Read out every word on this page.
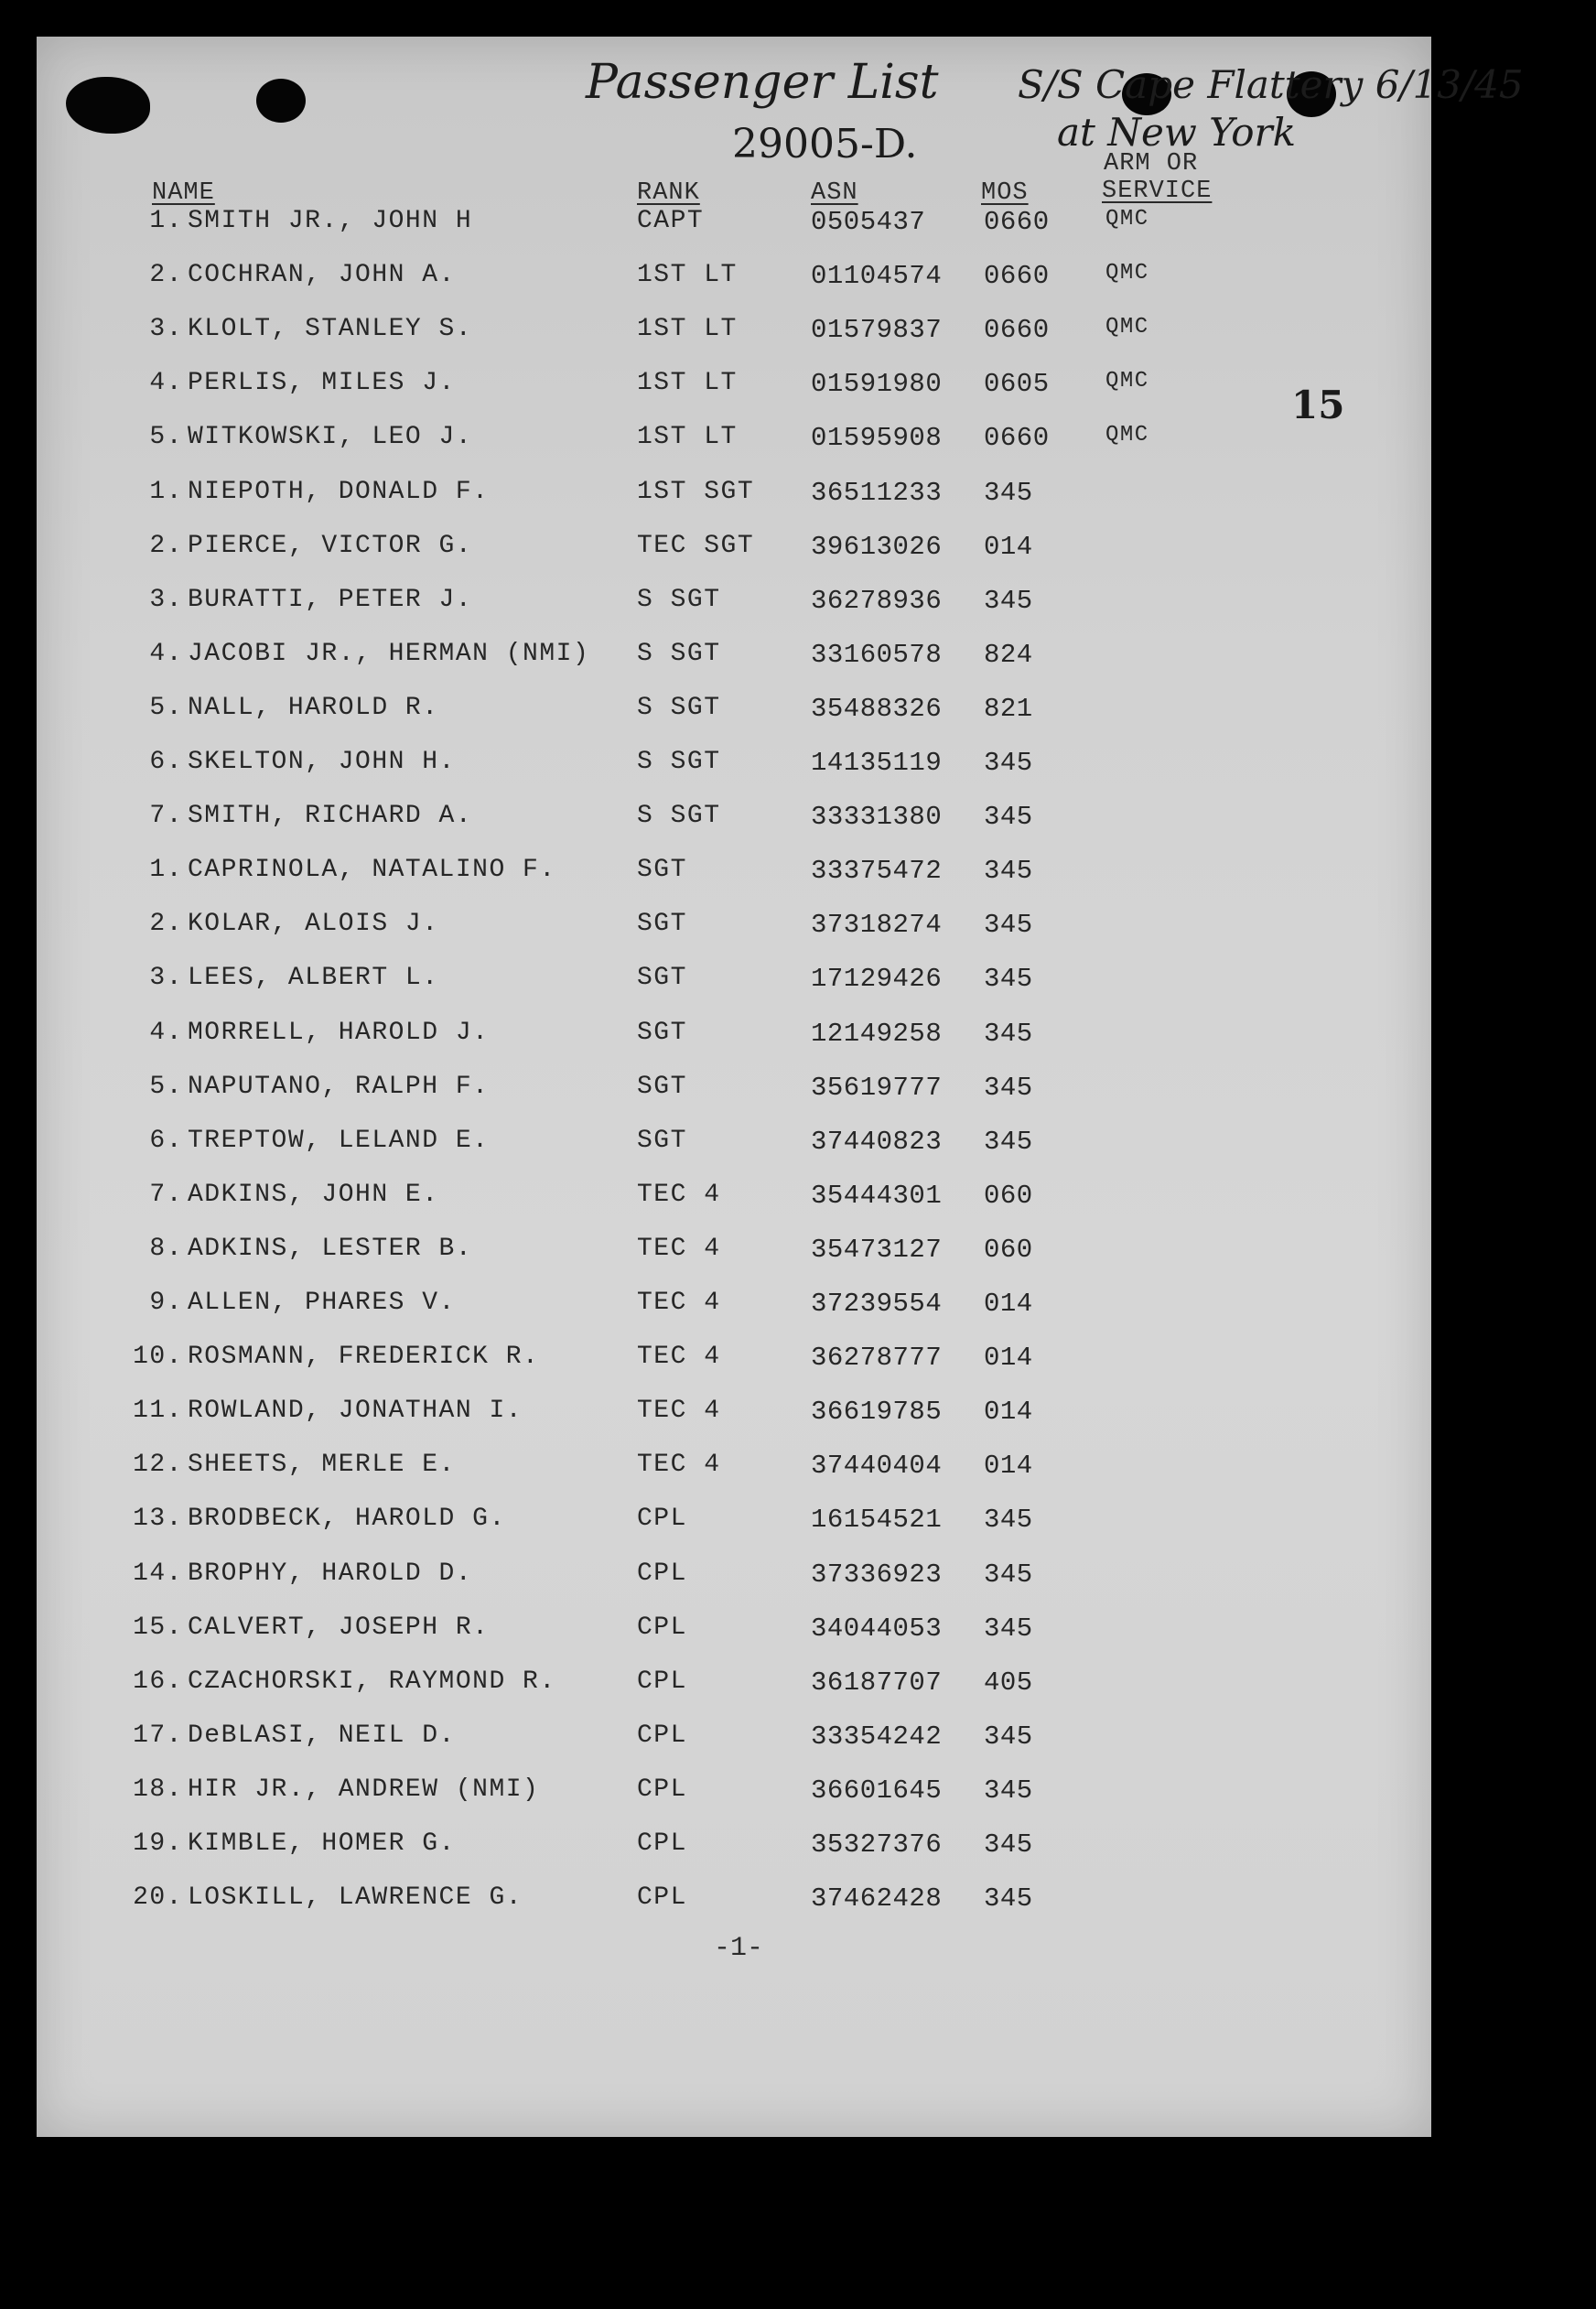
Passenger List S/S Cape Flattery 6/13/45
at New York
29005-D.
NAME	RANK	ASN	MOS
ARM OR
SERVICE
15
1. SMITH JR., JOHN H	CAPT	0505437 0660	QMC
2. COCHRAN, JOHN A.	1ST LT	01104574 0660	QMC
3. KLOLT, STANLEY S.	1ST LT	01579837 0660	QMC
4. PERLIS, MILES J.	1ST LT	01591980 0605	QMC
5. WITKOWSKI, LEO J.	1ST LT	01595908 0660	QMC
1. NIEPOTH, DONALD F.	1ST SGT 36511233 345
2. PIERCE, VICTOR G.	TEC SGT 39613026 014
3. BURATTI, PETER J.	S SGT	36278936 345
4. JACOBI JR., HERMAN (NMI) S SGT	33160578 824
5. NALL, HAROLD R.	S SGT	35488326 821
6. SKELTON, JOHN H.	S SGT	14135119 345
7. SMITH, RICHARD A.	S SGT	33331380 345
1. CAPRINOLA, NATALINO F.	SGT	33375472 345
2. KOLAR, ALOIS J.	SGT	37318274 345
3. LEES, ALBERT L.	SGT	17129426 345
4. MORRELL, HAROLD J.	SGT	12149258 345
5. NAPUTANO, RALPH F.	SGT	35619777 345
6. TREPTOW, LELAND E.	SGT	37440823 345
7. ADKINS, JOHN E.	TEC 4	35444301 060
8. ADKINS, LESTER B.	TEC 4	35473127 060
9. ALLEN, PHARES V.	TEC 4	37239554 014
10. ROSMANN, FREDERICK R.	TEC 4	36278777 014
11. ROWLAND, JONATHAN I.	TEC 4	36619785 014
12. SHEETS, MERLE E.	TEC 4	37440404 014
13. BRODBECK, HAROLD G.	CPL	16154521 345
14. BROPHY, HAROLD D.	CPL	37336923 345
15. CALVERT, JOSEPH R.	CPL	34044053 345
16. CZACHORSKI, RAYMOND R.	CPL	36187707 405
17. DeBLASI, NEIL D.	CPL	33354242 345
18. HIR JR., ANDREW (NMI)	CPL	36601645 345
19. KIMBLE, HOMER G.	CPL	35327376 345
20. LOSKILL, LAWRENCE G.	CPL	37462428 345
-1-
